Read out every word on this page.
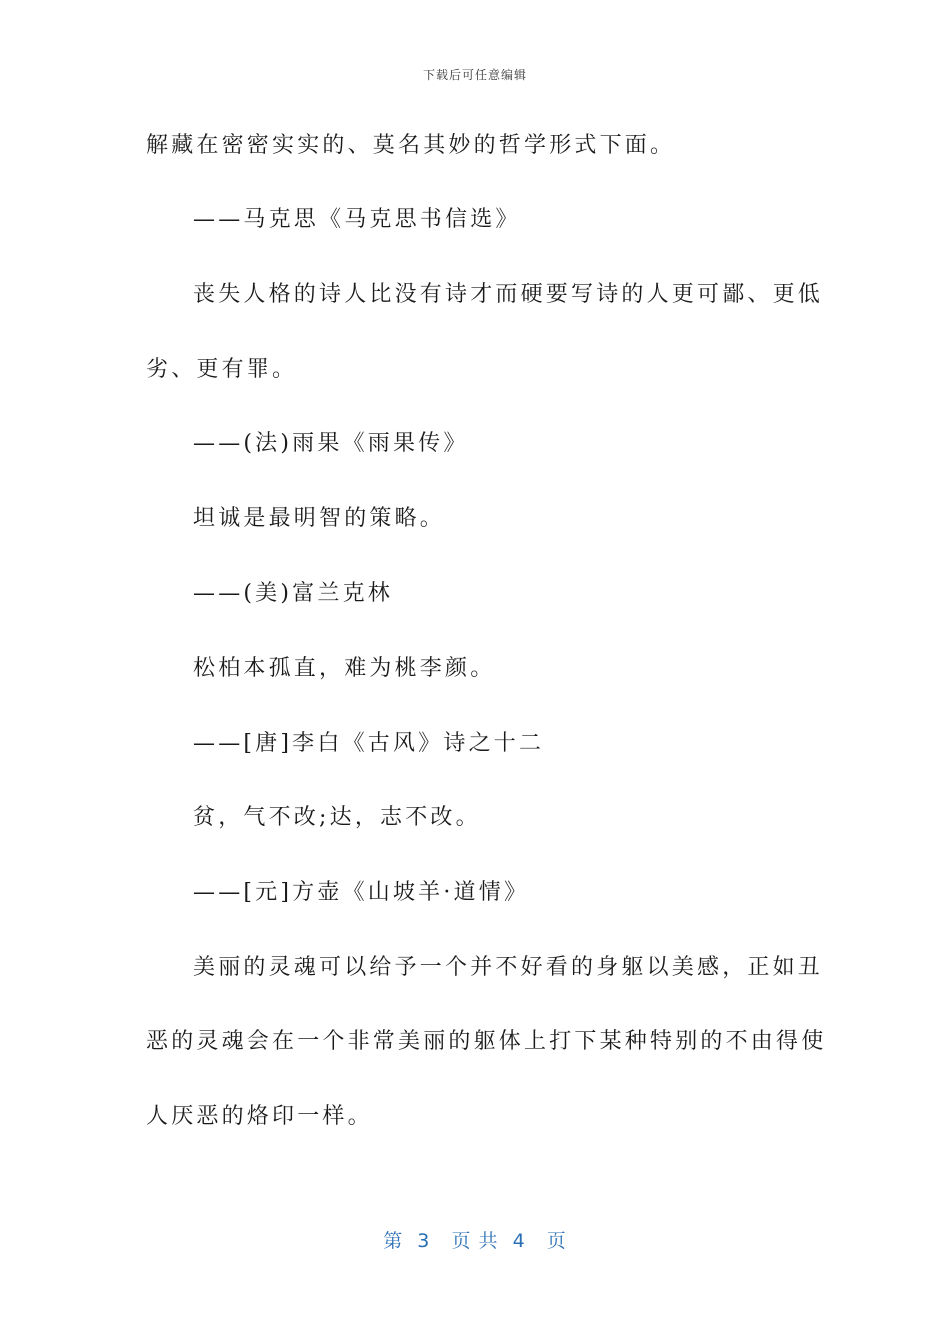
下载后可任意编辑
解藏在密密实实的、莫名其妙的哲学形式下面。
——马克思《马克思书信选》
丧失人格的诗人比没有诗才而硬要写诗的人更可鄙、更低
劣、更有罪。
——(法)雨果《雨果传》
坦诚是最明智的策略。
——(美)富兰克林
松柏本孤直，难为桃李颜。
——[唐]李白《古风》诗之十二
贫，气不改;达，志不改。
——[元]方壶《山坡羊·道情》
美丽的灵魂可以给予一个并不好看的身躯以美感，正如丑
恶的灵魂会在一个非常美丽的躯体上打下某种特别的不由得使
人厌恶的烙印一样。
第  3   页 共  4   页
